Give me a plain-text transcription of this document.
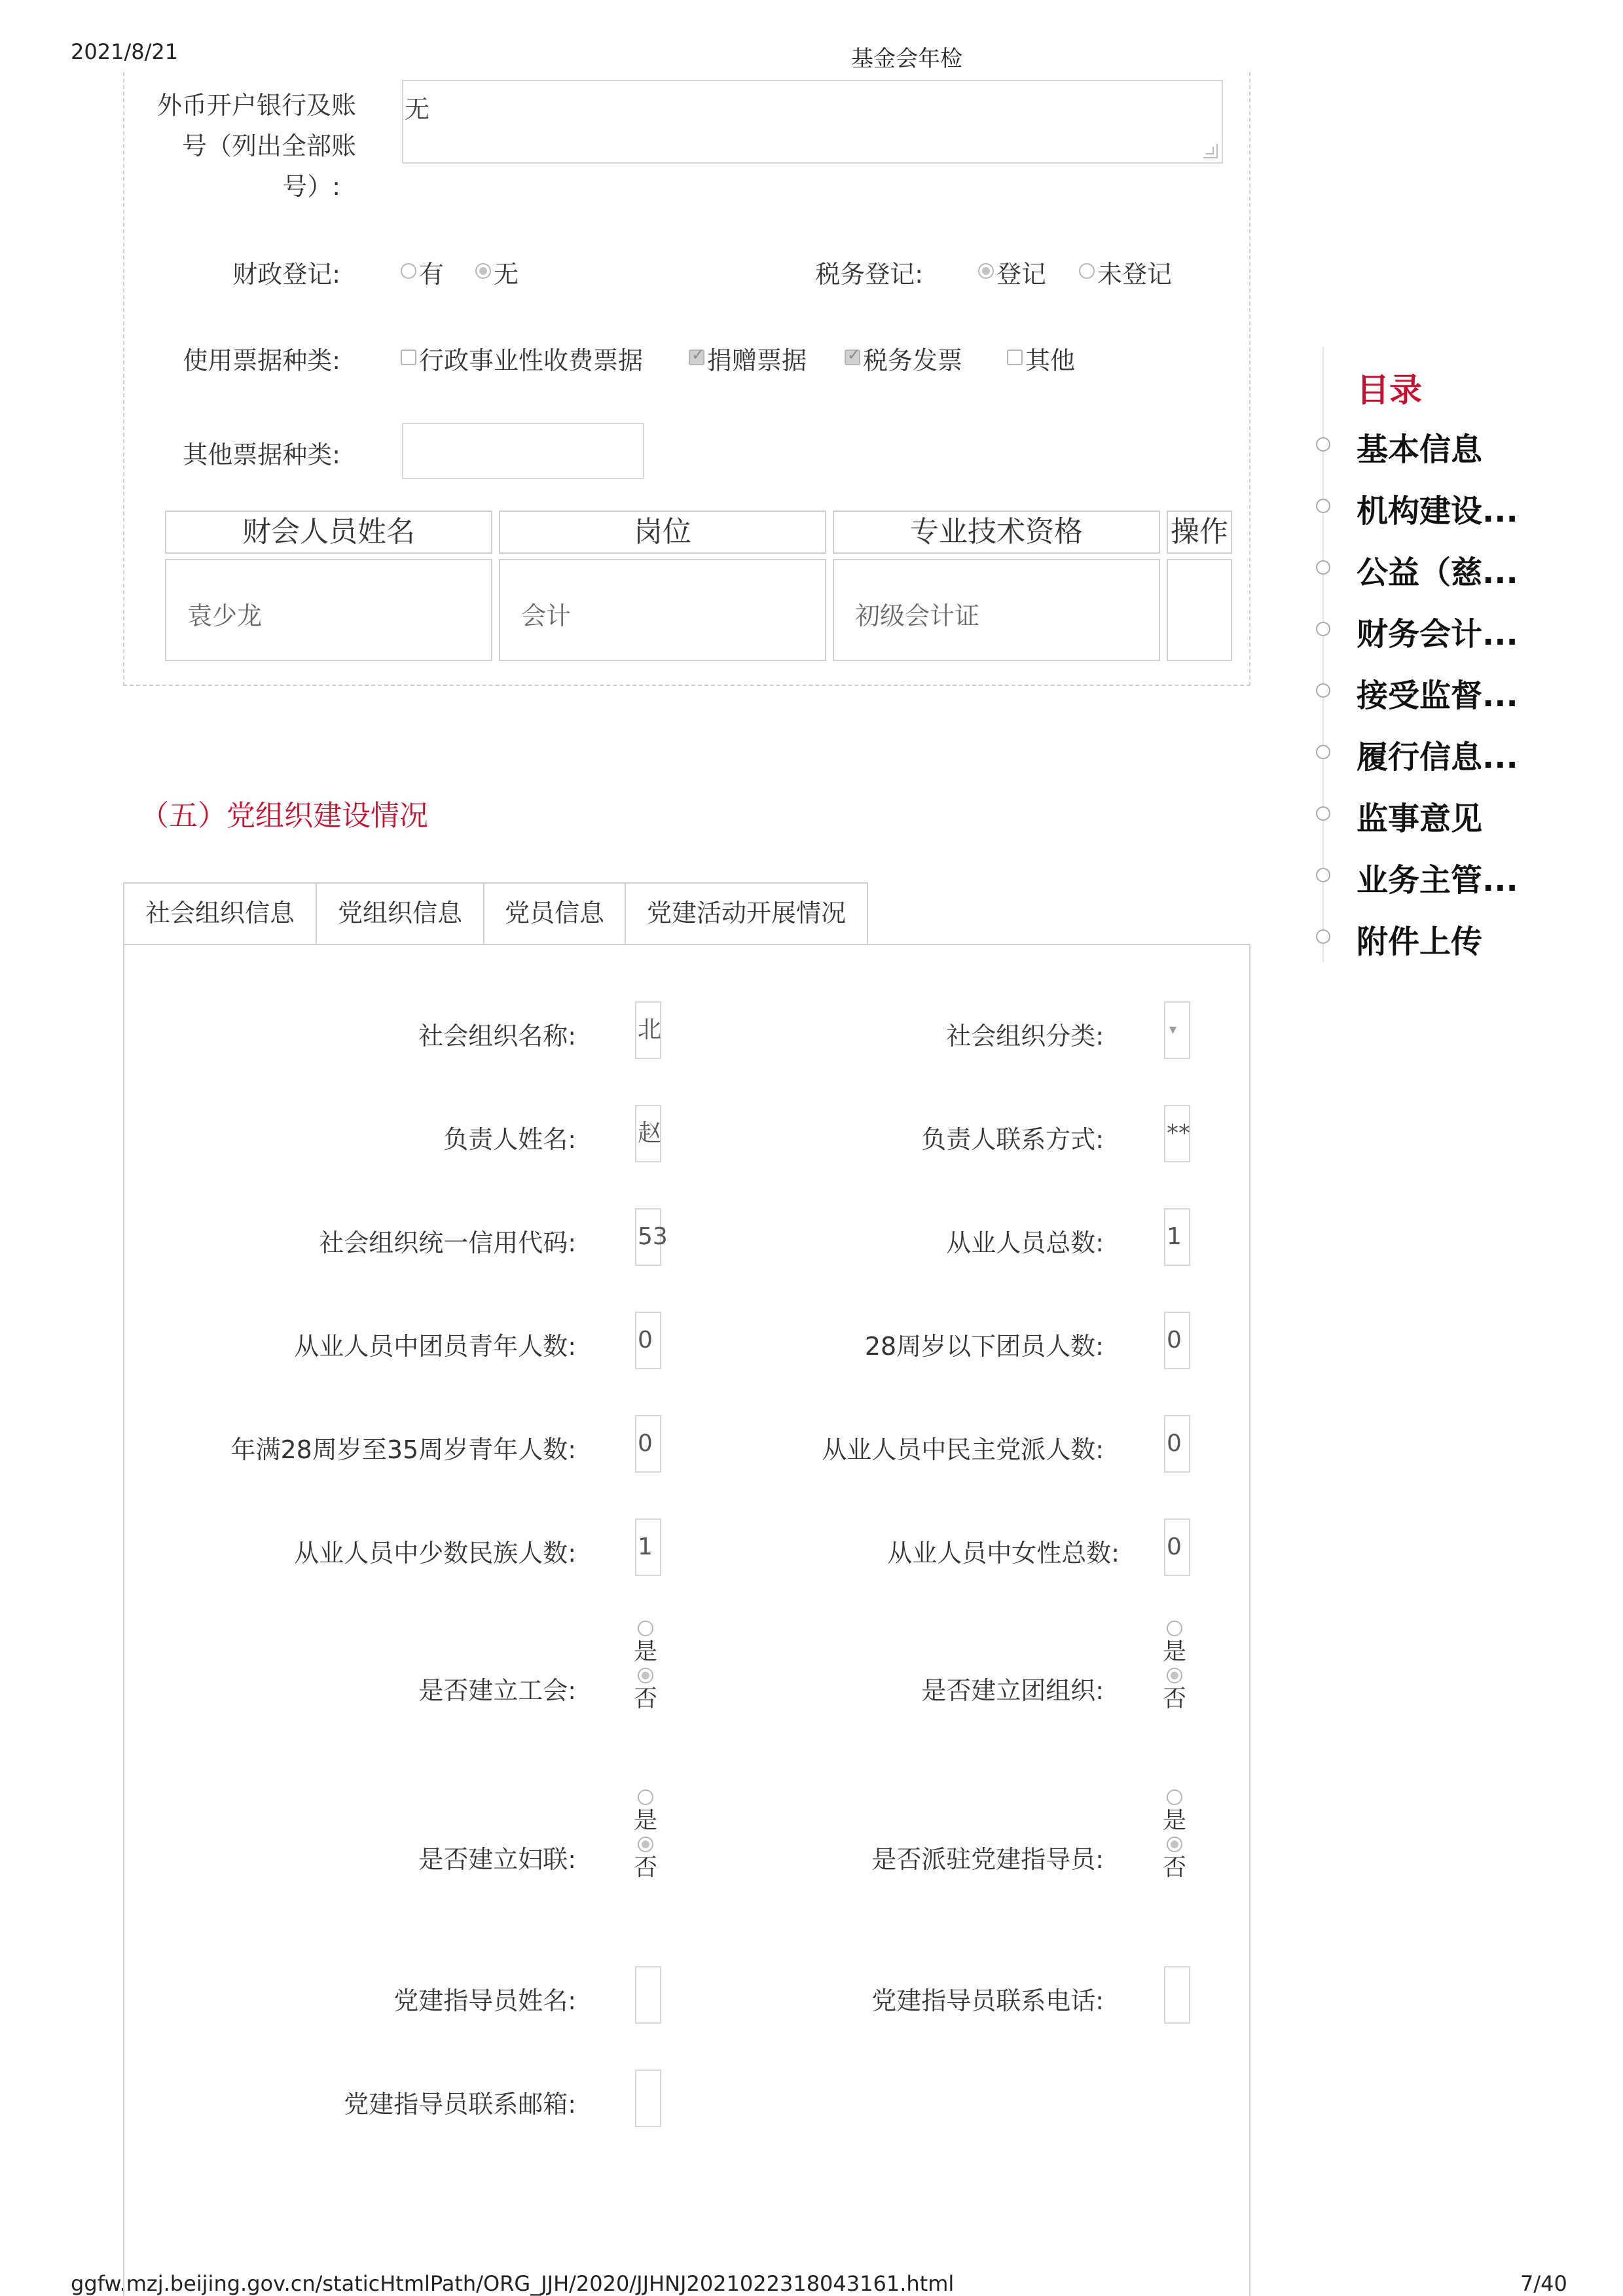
2021/8/21	基金会年检
ggfw.mzj.beijing.gov.cn/staticHtmlPath/ORG_JJH/2020/JJHNJ2021022318043161.html	7/40
外币开户银行及账
号（列出全部账
号）:
无
财政登记:	有 无	税务登记:	登记 未登记
使用票据种类:	行政事业性收费票据 ✓	捐赠票据 ✓ 税务发票	其他
其他票据种类:
财会人员姓名	岗位	专业技术资格	操作
袁少龙	会计	初级会计证
（五）党组织建设情况
社会组织信息	党组织信息	党员信息	党建活动开展情况
社会组织名称:	北	社会组织分类:	▾
负责人姓名:	赵	负责人联系方式:	**
社会组织统一信用代码:	53	从业人员总数:	1
从业人员中团员青年人数:	0	28周岁以下团员人数:	0
年满28周岁至35周岁青年人数:	0	从业人员中民主党派人数:	0
从业人员中少数民族人数:	1	从业人员中女性总数: 0
是否建立工会:
是
否	是否建立团组织:
是
否
是否建立妇联:
是
否	是否派驻党建指导员:
是
否
党建指导员姓名:	党建指导员联系电话:
党建指导员联系邮箱:
目录
基本信息
机构建设...
公益（慈...
财务会计...
接受监督...
履行信息...
监事意见
业务主管...
附件上传
